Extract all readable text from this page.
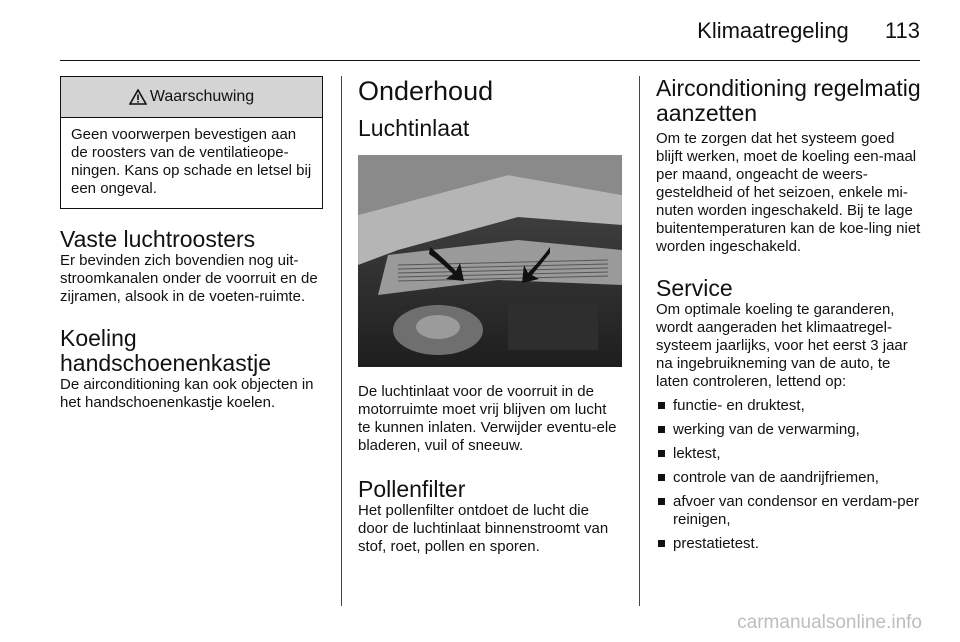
Klimaatregeling 113
Waarschuwing
Geen voorwerpen bevestigen aan de roosters van de ventilatieope-ningen. Kans op schade en letsel bij een ongeval.
Vaste luchtroosters

Er bevinden zich bovendien nog uit-stroomkanalen onder de voorruit en de zijramen, alsook in de voeten-ruimte.

Koeling handschoenenkastje

De airconditioning kan ook objecten in het handschoenenkastje koelen.

Onderhoud
Luchtinlaat

De luchtinlaat voor de voorruit in de motorruimte moet vrij blijven om lucht te kunnen inlaten. Verwijder eventu-ele bladeren, vuil of sneeuw.

Pollenfilter

Het pollenfilter ontdoet de lucht die door de luchtinlaat binnenstroomt van stof, roet, pollen en sporen.

Airconditioning regelmatig aanzetten

Om te zorgen dat het systeem goed blijft werken, moet de koeling een-maal per maand, ongeacht de weers-gesteldheid of het seizoen, enkele mi-nuten worden ingeschakeld. Bij te lage buitentemperaturen kan de koe-ling niet worden ingeschakeld.

Service

Om optimale koeling te garanderen, wordt aangeraden het klimaatregel-systeem jaarlijks, voor het eerst 3 jaar na ingebruikneming van de auto, te laten controleren, lettend op:

functie- en druktest,
werking van de verwarming,
lektest,
controle van de aandrijfriemen,
afvoer van condensor en verdam-per reinigen,
prestatietest.
carmanualsonline.info
